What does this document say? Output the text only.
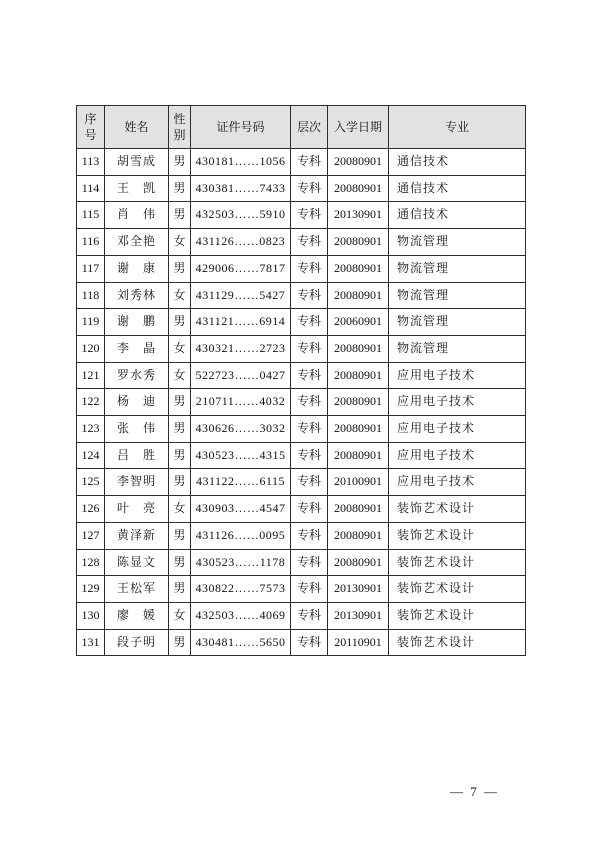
序号	姓名	性别	证件号码	层次	入学日期	专业
113	胡雪成	男	430181……1056	专科	20080901	通信技术
114	王　凯	男	430381……7433	专科	20080901	通信技术
115	肖　伟	男	432503……5910	专科	20130901	通信技术
116	邓全艳	女	431126……0823	专科	20080901	物流管理
117	谢　康	男	429006……7817	专科	20080901	物流管理
118	刘秀林	女	431129……5427	专科	20080901	物流管理
119	谢　鹏	男	431121……6914	专科	20060901	物流管理
120	李　晶	女	430321……2723	专科	20080901	物流管理
121	罗水秀	女	522723……0427	专科	20080901	应用电子技术
122	杨　迪	男	210711……4032	专科	20080901	应用电子技术
123	张　伟	男	430626……3032	专科	20080901	应用电子技术
124	吕　胜	男	430523……4315	专科	20080901	应用电子技术
125	李智明	男	431122……6115	专科	20100901	应用电子技术
126	叶　亮	女	430903……4547	专科	20080901	装饰艺术设计
127	黄泽新	男	431126……0095	专科	20080901	装饰艺术设计
128	陈显文	男	430523……1178	专科	20080901	装饰艺术设计
129	王松军	男	430822……7573	专科	20130901	装饰艺术设计
130	廖　媛	女	432503……4069	专科	20130901	装饰艺术设计
131	段子明	男	430481……5650	专科	20110901	装饰艺术设计
— 7 —
